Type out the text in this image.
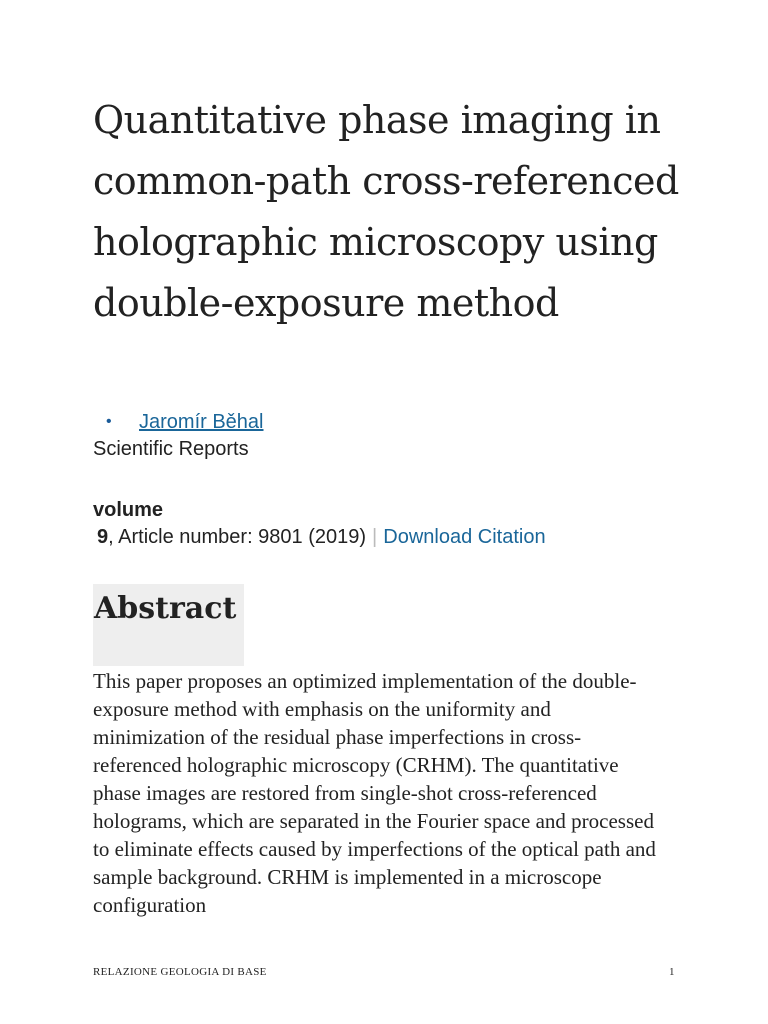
Quantitative phase imaging in common-path cross-referenced holographic microscopy using double-exposure method
• Jaromír Běhal
Scientific Reports
volume
9, Article number: 9801 (2019) | Download Citation
Abstract

This paper proposes an optimized implementation of the double-exposure method with emphasis on the uniformity and minimization of the residual phase imperfections in cross-referenced holographic microscopy (CRHM). The quantitative phase images are restored from single-shot cross-referenced holograms, which are separated in the Fourier space and processed to eliminate effects caused by imperfections of the optical path and sample background. CRHM is implemented in a microscope configuration

RELAZIONE GEOLOGIA DI BASE	1
